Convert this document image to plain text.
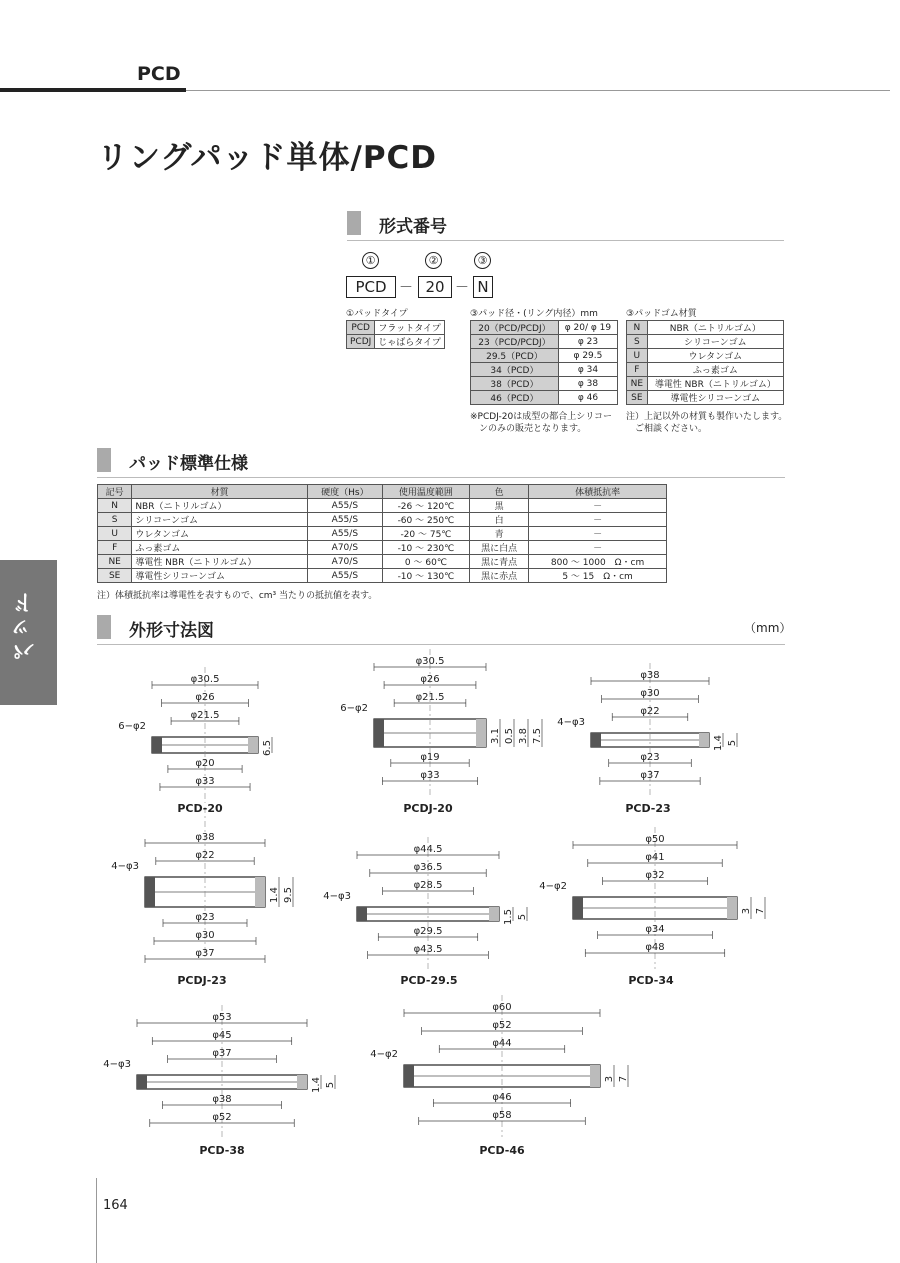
PCD
リングパッド単体/PCD
形式番号
①	②	③
PCD － 20 － N
①パッドタイプ
PCD	フラットタイプ
PCDJ	じゃばらタイプ
③パッド径・(リング内径）mm
20（PCD/PCDJ）	φ 20/ φ 19
23（PCD/PCDJ）	φ 23
29.5（PCD）	φ 29.5
34（PCD）	φ 34
38（PCD）	φ 38
46（PCD）	φ 46
※PCDJ-20は成型の都合上シリコー
　ンのみの販売となります。
③パッドゴム材質
N	NBR（ニトリルゴム）
S	シリコーンゴム
U	ウレタンゴム
F	ふっ素ゴム
NE	導電性 NBR（ニトリルゴム）
SE	導電性シリコーンゴム
注）上記以外の材質も製作いたします。
　ご相談ください。
パッド標準仕様
記号	材質	硬度（Hs）	使用温度範囲	色	体積抵抗率
N	NBR（ニトリルゴム）	A55/S	-26 ～ 120℃	黒	－
S	シリコーンゴム	A55/S	-60 ～ 250℃	白	－
U	ウレタンゴム	A55/S	-20 ～ 75℃	青	－
F	ふっ素ゴム	A70/S	-10 ～ 230℃	黒に白点	－
NE	導電性 NBR（ニトリルゴム）	A70/S	0 ～ 60℃	黒に青点	800 ～ 1000　Ω・cm
SE	導電性シリコーンゴム	A55/S	-10 ～ 130℃	黒に赤点	5 ～ 15　Ω・cm
注）体積抵抗率は導電性を表すもので、cm³ 当たりの抵抗値を表す。
外形寸法図	（mm）
φ30.5
φ26
φ21.5
φ20
φ33
6−φ2
6.5
φ30.5
φ26
φ21.5
φ19
φ33
6−φ2
3.1 0.5 3.8 7.5
φ38
φ30
φ22
φ23
φ37
4−φ3
1.4 5
φ38
φ22
φ23
φ30
φ37
4−φ3
1.4 9.5
φ44.5
φ36.5
φ28.5
φ29.5
φ43.5
4−φ3
1.5 5
φ50
φ41
φ32
φ34
φ48
4−φ2
3 7
φ53
φ45
φ37
φ38
φ52
4−φ3
1.4 5
φ60
φ52
φ44
φ46
φ58
4−φ2
3 7
PCD-20	PCDJ-20	PCD-23
PCDJ-23	PCD-29.5	PCD-34
PCD-38	PCD-46
パッド
164
